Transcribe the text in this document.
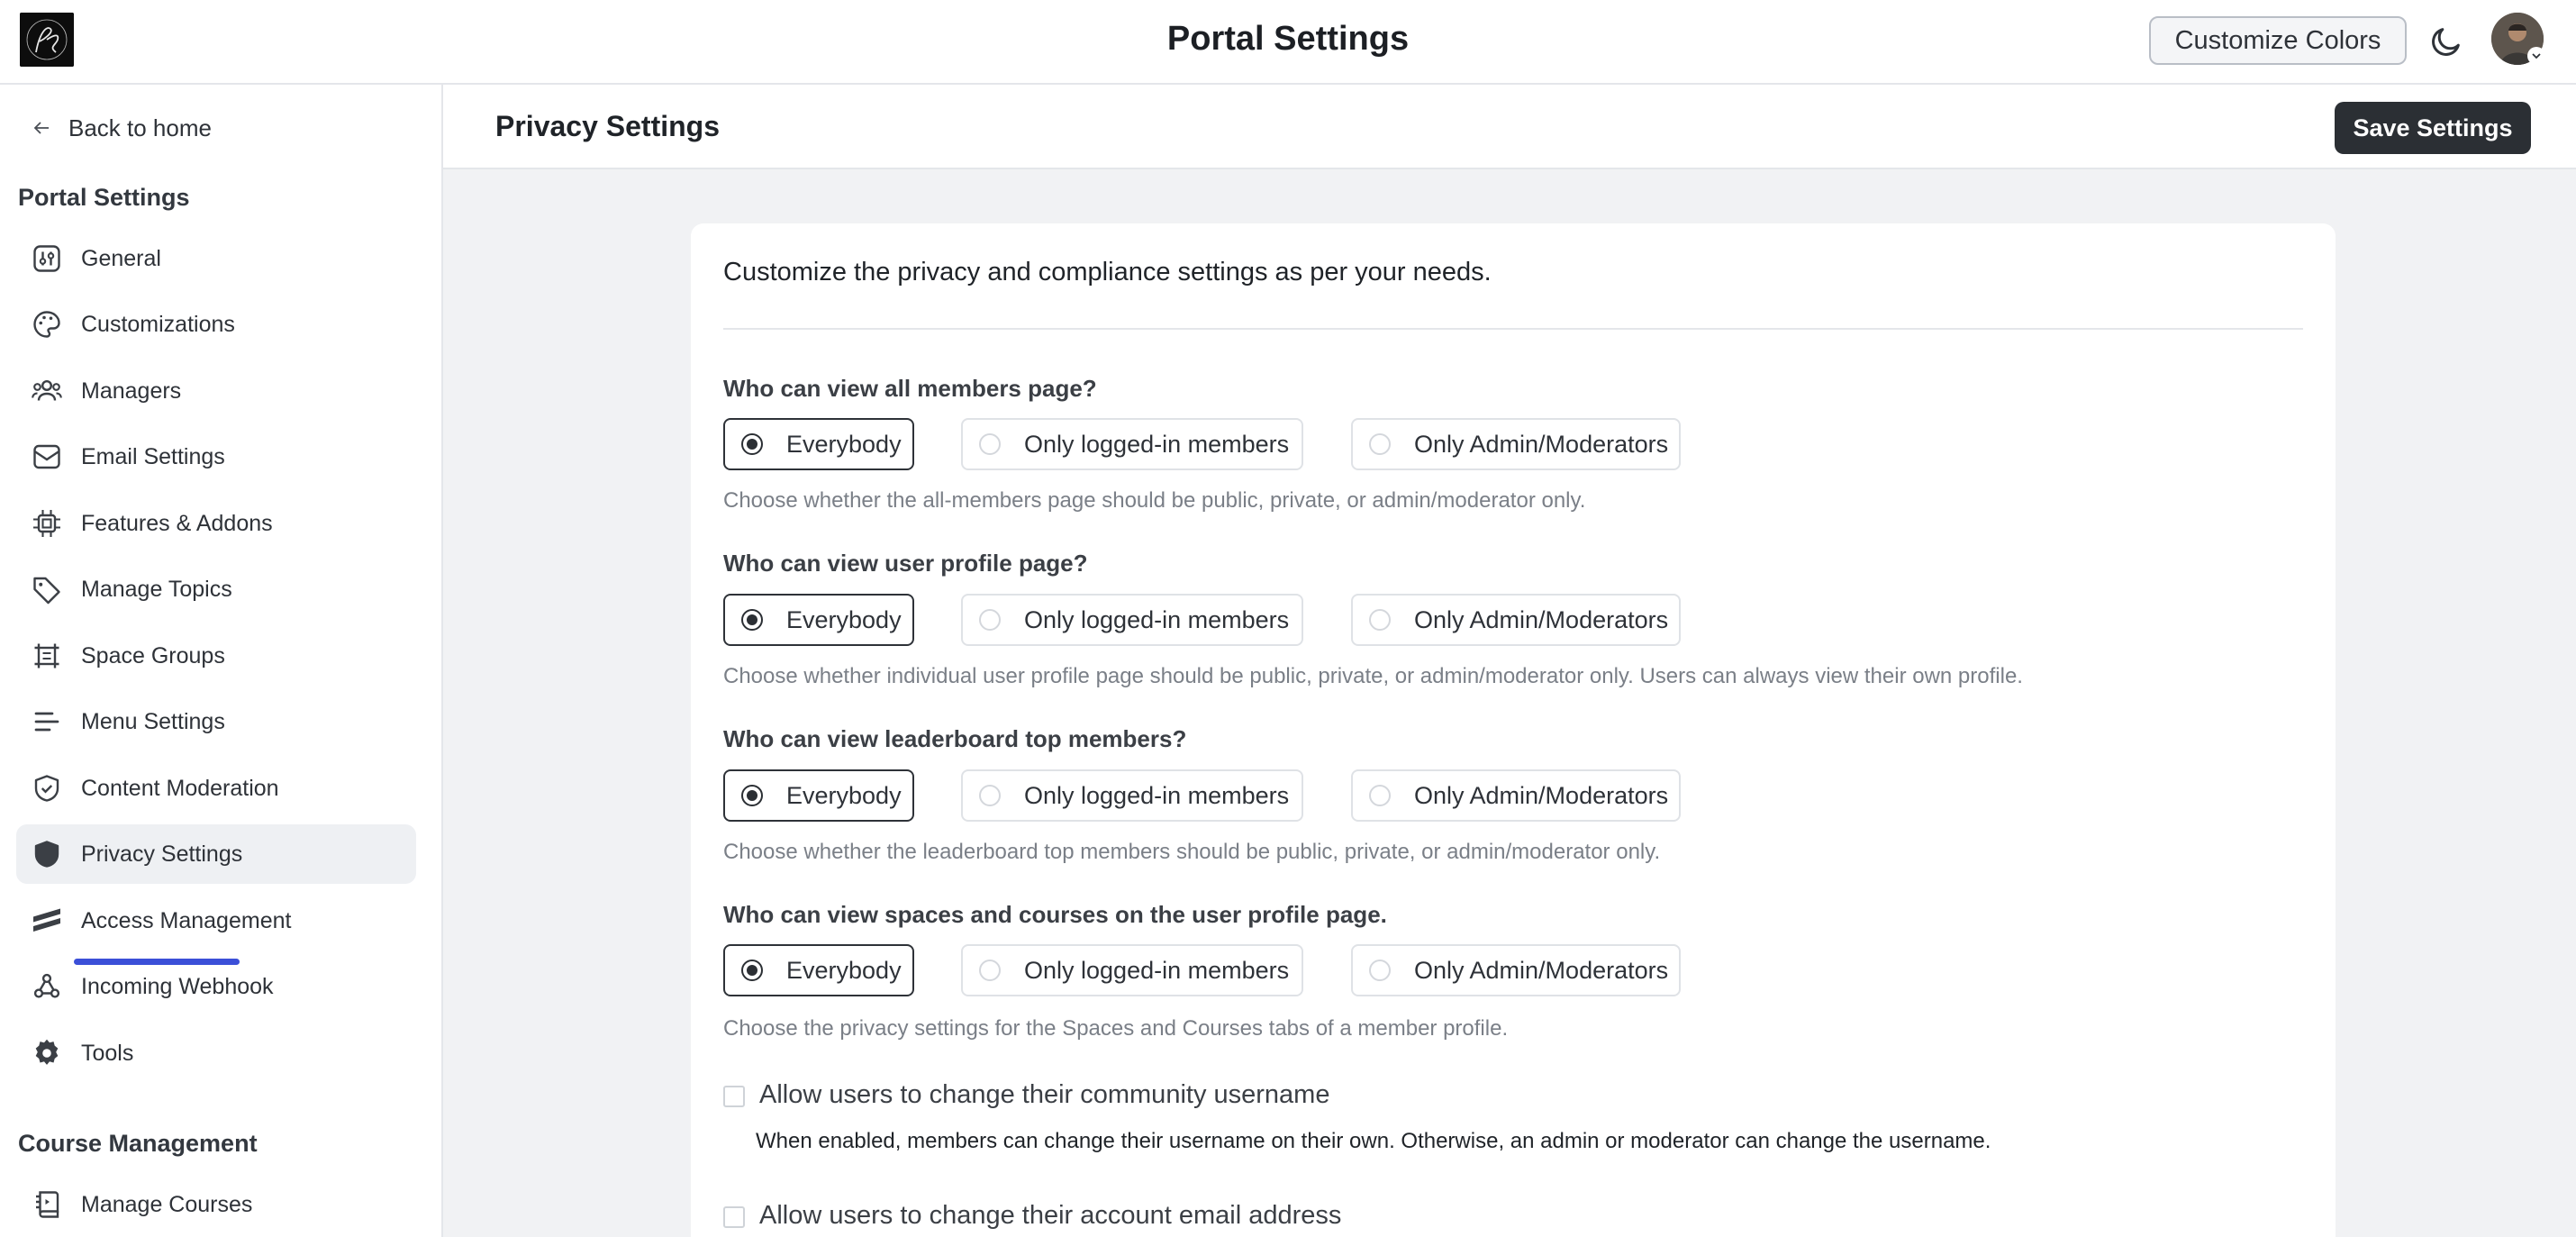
Portal Settings	Customize Colors
Back to home
Portal Settings
General
Customizations
Managers
Email Settings
Features & Addons
Manage Topics
Space Groups
Menu Settings
Content Moderation
Privacy Settings
Access Management
Incoming Webhook
Tools
Course Management
Manage Courses
Privacy Settings	Save Settings
Customize the privacy and compliance settings as per your needs.
Who can view all members page?
Everybody	Only logged-in members	Only Admin/Moderators
Choose whether the all-members page should be public, private, or admin/moderator only.
Who can view user profile page?
Everybody	Only logged-in members	Only Admin/Moderators
Choose whether individual user profile page should be public, private, or admin/moderator only. Users can always view their own profile.
Who can view leaderboard top members?
Everybody	Only logged-in members	Only Admin/Moderators
Choose whether the leaderboard top members should be public, private, or admin/moderator only.
Who can view spaces and courses on the user profile page.
Everybody	Only logged-in members	Only Admin/Moderators
Choose the privacy settings for the Spaces and Courses tabs of a member profile.
Allow users to change their community username
When enabled, members can change their username on their own. Otherwise, an admin or moderator can change the username.
Allow users to change their account email address
